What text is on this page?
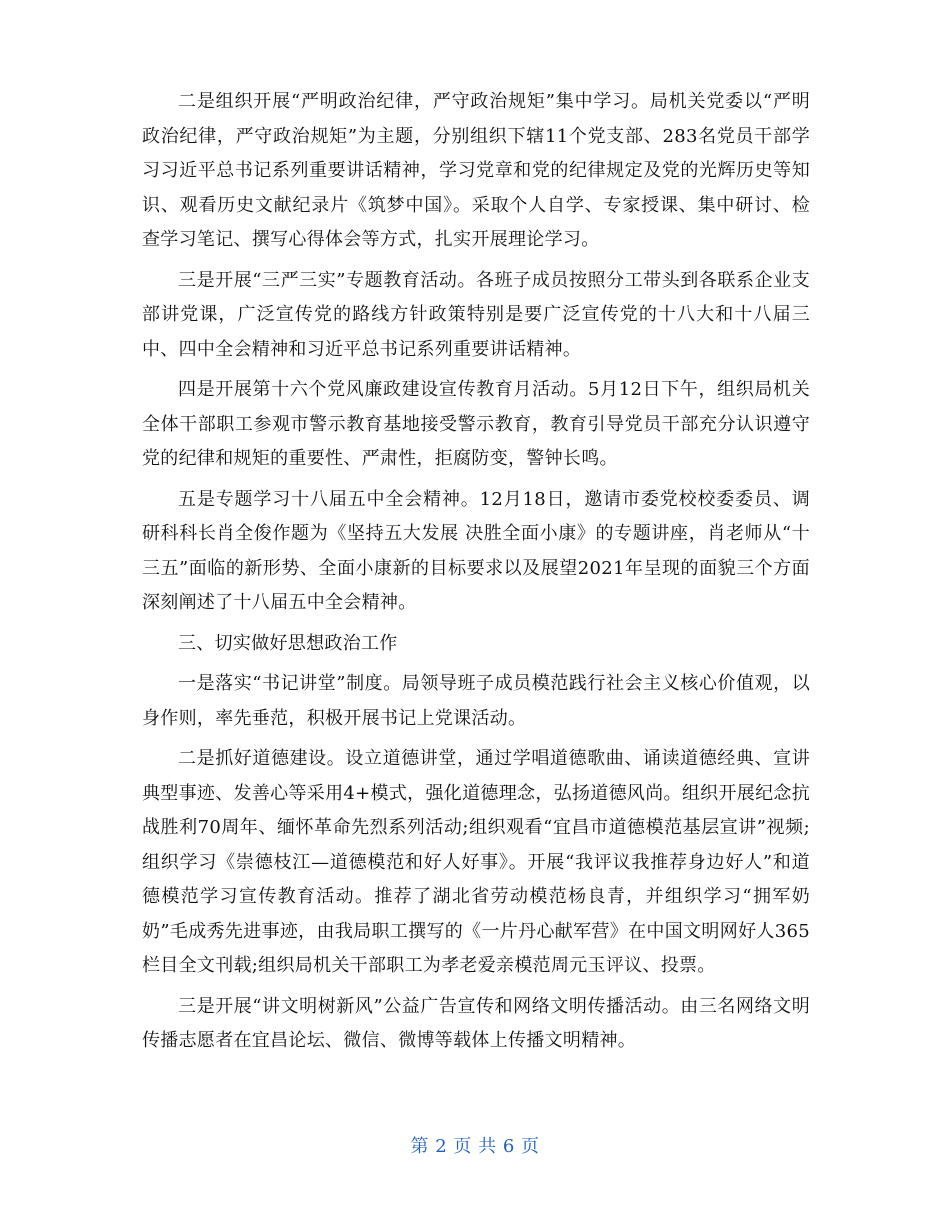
二是组织开展“严明政治纪律，严守政治规矩”集中学习。局机关党委以“严明政治纪律，严守政治规矩”为主题，分别组织下辖11个党支部、283名党员干部学习习近平总书记系列重要讲话精神，学习党章和党的纪律规定及党的光辉历史等知识、观看历史文献纪录片《筑梦中国》。采取个人自学、专家授课、集中研讨、检查学习笔记、撰写心得体会等方式，扎实开展理论学习。

三是开展“三严三实”专题教育活动。各班子成员按照分工带头到各联系企业支部讲党课，广泛宣传党的路线方针政策特别是要广泛宣传党的十八大和十八届三中、四中全会精神和习近平总书记系列重要讲话精神。

四是开展第十六个党风廉政建设宣传教育月活动。5月12日下午，组织局机关全体干部职工参观市警示教育基地接受警示教育，教育引导党员干部充分认识遵守党的纪律和规矩的重要性、严肃性，拒腐防变，警钟长鸣。

五是专题学习十八届五中全会精神。12月18日，邀请市委党校校委委员、调研科科长肖全俊作题为《坚持五大发展 决胜全面小康》的专题讲座，肖老师从“十三五”面临的新形势、全面小康新的目标要求以及展望2021年呈现的面貌三个方面深刻阐述了十八届五中全会精神。

三、切实做好思想政治工作

一是落实“书记讲堂”制度。局领导班子成员模范践行社会主义核心价值观，以身作则，率先垂范，积极开展书记上党课活动。

二是抓好道德建设。设立道德讲堂，通过学唱道德歌曲、诵读道德经典、宣讲典型事迹、发善心等采用4+模式，强化道德理念，弘扬道德风尚。组织开展纪念抗战胜利70周年、缅怀革命先烈系列活动;组织观看“宜昌市道德模范基层宣讲”视频;组织学习《崇德枝江—道德模范和好人好事》。开展“我评议我推荐身边好人”和道德模范学习宣传教育活动。推荐了湖北省劳动模范杨良青，并组织学习“拥军奶奶”毛成秀先进事迹，由我局职工撰写的《一片丹心献军营》在中国文明网好人365 栏目全文刊载;组织局机关干部职工为孝老爱亲模范周元玉评议、投票。

三是开展“讲文明树新风”公益广告宣传和网络文明传播活动。由三名网络文明传播志愿者在宜昌论坛、微信、微博等载体上传播文明精神。

第 2 页 共 6 页
